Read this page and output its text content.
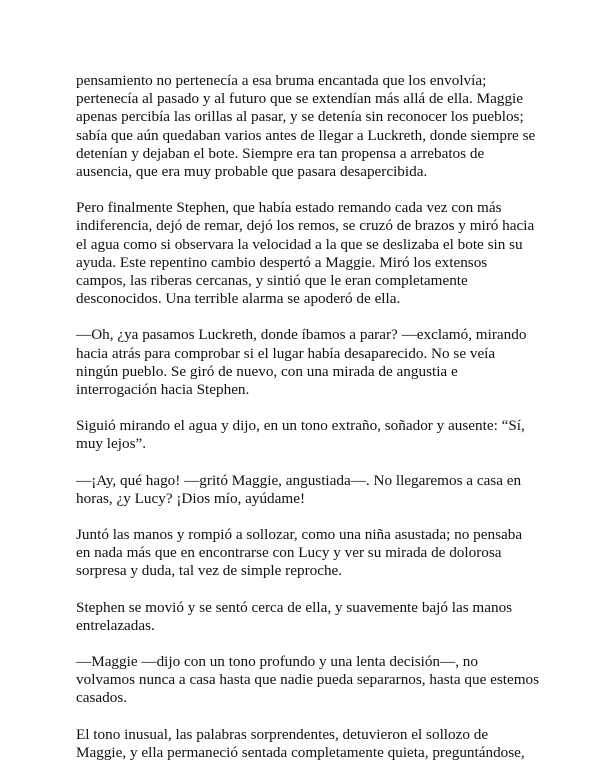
pensamiento no pertenecía a esa bruma encantada que los envolvía;
pertenecía al pasado y al futuro que se extendían más allá de ella. Maggie
apenas percibía las orillas al pasar, y se detenía sin reconocer los pueblos;
sabía que aún quedaban varios antes de llegar a Luckreth, donde siempre se
detenían y dejaban el bote. Siempre era tan propensa a arrebatos de
ausencia, que era muy probable que pasara desapercibida.

Pero finalmente Stephen, que había estado remando cada vez con más
indiferencia, dejó de remar, dejó los remos, se cruzó de brazos y miró hacia
el agua como si observara la velocidad a la que se deslizaba el bote sin su
ayuda. Este repentino cambio despertó a Maggie. Miró los extensos
campos, las riberas cercanas, y sintió que le eran completamente
desconocidos. Una terrible alarma se apoderó de ella.

—Oh, ¿ya pasamos Luckreth, donde íbamos a parar? —exclamó, mirando
hacia atrás para comprobar si el lugar había desaparecido. No se veía
ningún pueblo. Se giró de nuevo, con una mirada de angustia e
interrogación hacia Stephen.

Siguió mirando el agua y dijo, en un tono extraño, soñador y ausente: “Sí,
muy lejos”.

—¡Ay, qué hago! —gritó Maggie, angustiada—. No llegaremos a casa en
horas, ¿y Lucy? ¡Dios mío, ayúdame!

Juntó las manos y rompió a sollozar, como una niña asustada; no pensaba
en nada más que en encontrarse con Lucy y ver su mirada de dolorosa
sorpresa y duda, tal vez de simple reproche.

Stephen se movió y se sentó cerca de ella, y suavemente bajó las manos
entrelazadas.

—Maggie —dijo con un tono profundo y una lenta decisión—, no
volvamos nunca a casa hasta que nadie pueda separarnos, hasta que estemos
casados.

El tono inusual, las palabras sorprendentes, detuvieron el sollozo de
Maggie, y ella permaneció sentada completamente quieta, preguntándose,
